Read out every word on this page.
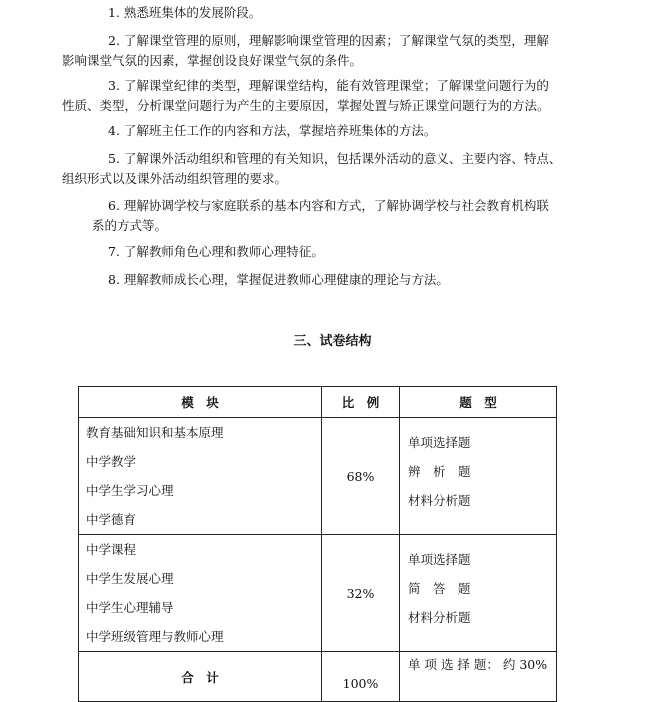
1. 熟悉班集体的发展阶段。
2. 了解课堂管理的原则，理解影响课堂管理的因素；了解课堂气氛的类型，理解
影响课堂气氛的因素，掌握创设良好课堂气氛的条件。
3. 了解课堂纪律的类型，理解课堂结构，能有效管理课堂；了解课堂问题行为的
性质、类型，分析课堂问题行为产生的主要原因，掌握处置与矫正课堂问题行为的方法。
4. 了解班主任工作的内容和方法，掌握培养班集体的方法。
5. 了解课外活动组织和管理的有关知识，包括课外活动的意义、主要内容、特点、
组织形式以及课外活动组织管理的要求。
6. 理解协调学校与家庭联系的基本内容和方式，了解协调学校与社会教育机构联
系的方式等。
7. 了解教师角色心理和教师心理特征。
8. 理解教师成长心理，掌握促进教师心理健康的理论与方法。
三、试卷结构
模　块	比　例	题　型

教育基础知识和基本原理
中学教学
中学生学习心理
中学德育	68%	单项选择题
辨　析　题
材料分析题

中学课程
中学生发展心理
中学生心理辅导
中学班级管理与教师心理	32%	单项选择题
简　答　题
材料分析题

合　计	100%	单 项 选 择 题： 约 30%
